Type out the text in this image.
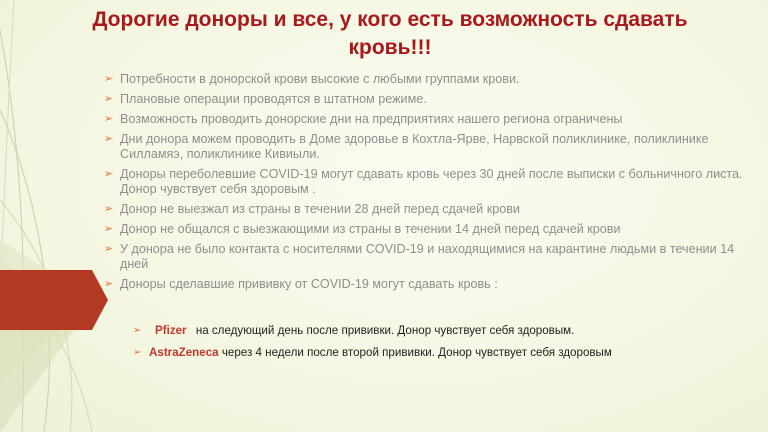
Дорогие доноры и все, у кого есть возможность сдавать кровь!!!
➢ Потребности в донорской крови высокие с любыми группами крови.
➢ Плановые операции проводятся в штатном режиме.
➢ Возможность проводить донорские дни на предприятиях нашего региона ограничены
➢ Дни донора можем проводить в Доме здоровье в Кохтла-Ярве, Нарвской поликлинике, поликлинике Силламяэ, поликлинике Кивиыли.
➢ Доноры переболевшие COVID-19 могут сдавать кровь через 30 дней после выписки с больничного листа. Донор чувствует себя здоровым .
➢ Донор не выезжал из страны в течении 28 дней перед сдачей крови
➢ Донор не общался с выезжающими из страны в течении 14 дней перед сдачей крови
➢ У донора не было контакта с носителями COVID-19 и находящимися на карантине людьми в течении 14 дней
➢ Доноры сделавшие прививку от COVID-19 могут сдавать кровь :
➢ Pfizer на следующий день после прививки. Донор чувствует себя здоровым.
➢ AstraZeneca через 4 недели после второй прививки. Донор чувствует себя здоровым
